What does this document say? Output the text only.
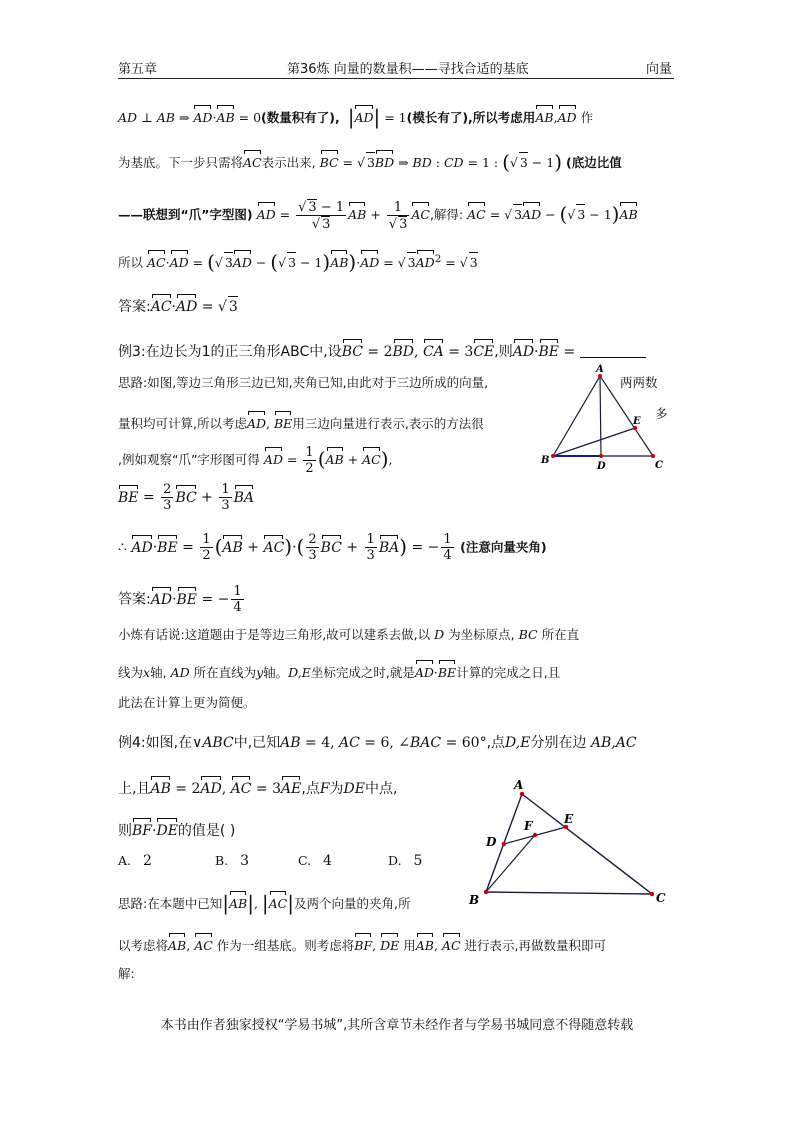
第五章	第36炼 向量的数量积——寻找合适的基底	向量
AD ⊥ AB ⇒ AD·AB = 0(数量积有了), |AD| = 1(模长有了),所以考虑用AB,AD 作
为基底。下一步只需将AC表示出来, BC = √ 3BD ⇒ BD : CD = 1 : (√ 3 − 1) (底边比值
——联想到“爪”字型图) AD = $\frac{√ 3 - 1}{√ 3}$ AB + $\frac{1}{√ 3}$ AC,解得: AC = √ 3AD − (√ 3 − 1)AB
所以 AC·AD = (√ 3AD − (√ 3 − 1)AB)·AD = √ $3AD^2$ = √ 3
答案:AC·AD = √ 3
例3:在边长为1的正三角形ABC中,设BC = 2BD, CA = 3CE,则AD·BE =
思路:如图,等边三角形三边已知,夹角已知,由此对于三边所成的向量,	两两数
多
量积均可计算,所以考虑AD, BE用三边向量进行表示,表示的方法很
,例如观察“爪”字形图可得 AD = $\frac{1}{2} (AB + AC)$,
BE = $\frac{2}{3}$ BC + $\frac{1}{3}$ BA
∴ $AD\cdot BE = \frac{1}{2} (AB + AC)\cdot( \frac{2}{3}$ BC + $\frac{1}{3} BA$) = − $\frac{1}{4}$ (注意向量夹角)
答案:AD·BE = − $\frac{1}{4}$
小炼有话说:这道题由于是等边三角形,故可以建系去做,以 D 为坐标原点, BC 所在直
线为x轴, AD 所在直线为y轴。D,E坐标完成之时,就是AD·BE计算的完成之日,且
此法在计算上更为简便。
A
B	C
D
E
例4:如图,在∨ABC中,已知AB = 4, AC = 6, ∠BAC = 60°,点D,E分别在边 AB,AC
上,且AB = 2AD, AC = 3AE,点F为DE中点,
则BF·DE的值是( )
A. 2	B. 3	C. 4	D. 5
思路:在本题中已知|AB|, |AC|及两个向量的夹角,所
以考虑将AB, AC 作为一组基底。则考虑将BF, DE 用AB, AC 进行表示,再做数量积即可
解:
A
B	C
D
E
F
本书由作者独家授权“学易书城”,其所含章节未经作者与学易书城同意不得随意转载
